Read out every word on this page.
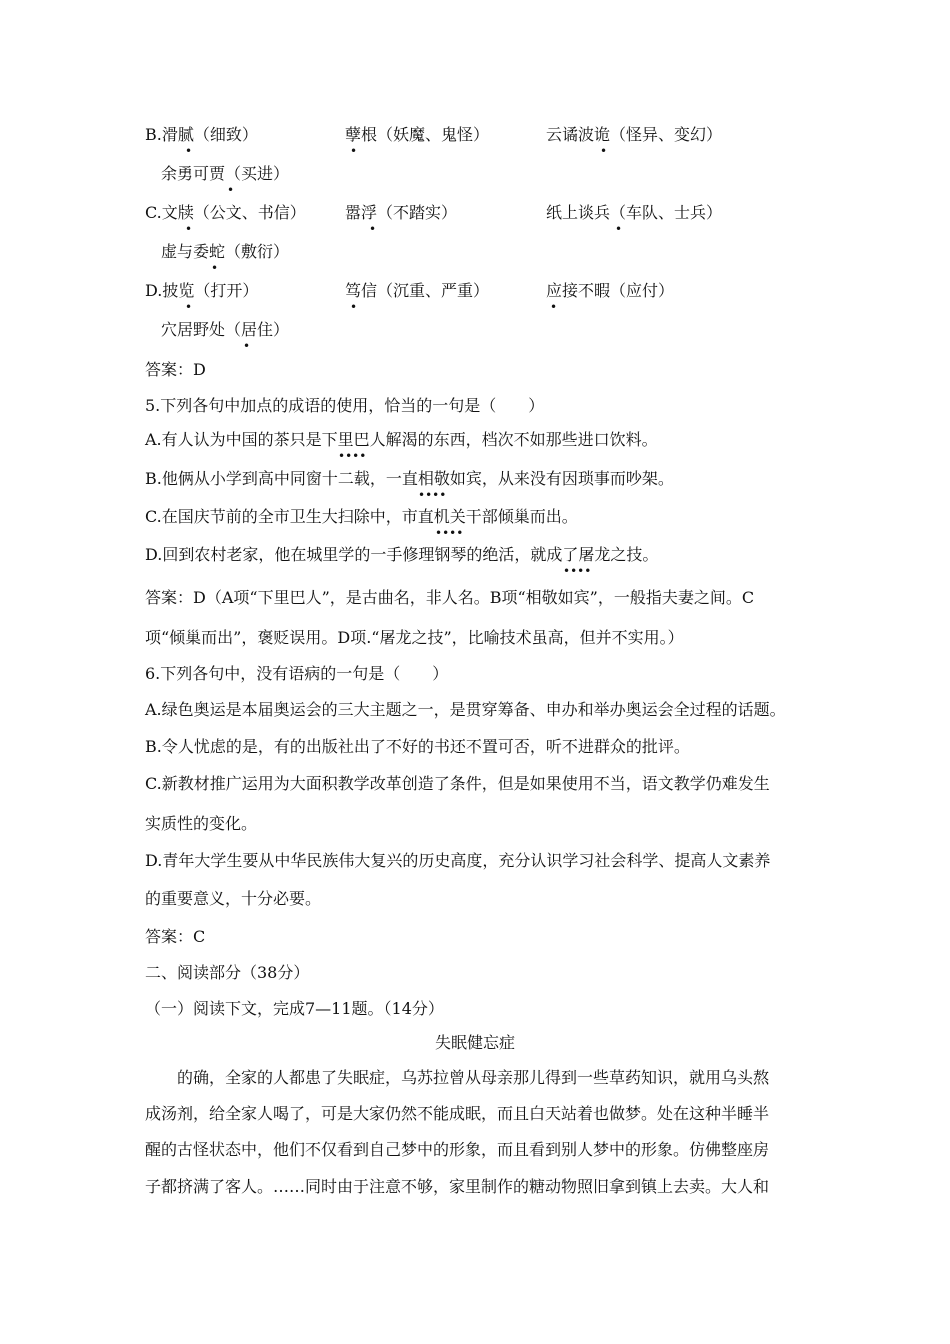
B.滑腻（细致）	孽根（妖魔、鬼怪）	云谲波诡（怪异、变幻）
余勇可贾（买进）
C.文牍（公文、书信） 嚣浮（不踏实）	纸上谈兵（车队、士兵）
虚与委蛇（敷衍）
D.披览（打开）	笃信（沉重、严重）	应接不暇（应付）
穴居野处（居住）
答案：D
5.下列各句中加点的成语的使用，恰当的一句是（　　）
A.有人认为中国的茶只是下里巴人解渴的东西，档次不如那些进口饮料。
B.他俩从小学到高中同窗十二载，一直相敬如宾，从来没有因琐事而吵架。
C.在国庆节前的全市卫生大扫除中，市直机关干部倾巢而出。
D.回到农村老家，他在城里学的一手修理钢琴的绝活，就成了屠龙之技。
答案：D（A项“下里巴人”，是古曲名，非人名。B项“相敬如宾”，一般指夫妻之间。C
项“倾巢而出”，褒贬误用。D项.“屠龙之技”，比喻技术虽高，但并不实用。）
6.下列各句中，没有语病的一句是（　　）
A.绿色奥运是本届奥运会的三大主题之一，是贯穿筹备、申办和举办奥运会全过程的话题。
B.令人忧虑的是，有的出版社出了不好的书还不置可否，听不进群众的批评。
C.新教材推广运用为大面积教学改革创造了条件，但是如果使用不当，语文教学仍难发生
实质性的变化。
D.青年大学生要从中华民族伟大复兴的历史高度，充分认识学习社会科学、提高人文素养
的重要意义，十分必要。
答案：C
二、阅读部分（38分）
（一）阅读下文，完成7—11题。（14分）
失眠健忘症
的确，全家的人都患了失眠症，乌苏拉曾从母亲那儿得到一些草药知识，就用乌头熬
成汤剂，给全家人喝了，可是大家仍然不能成眠，而且白天站着也做梦。处在这种半睡半
醒的古怪状态中，他们不仅看到自己梦中的形象，而且看到别人梦中的形象。仿佛整座房
子都挤满了客人。……同时由于注意不够，家里制作的糖动物照旧拿到镇上去卖。大人和
•	•	•
•
•	•	•
•
•	•	•
•
••••
••••
••••
••••
